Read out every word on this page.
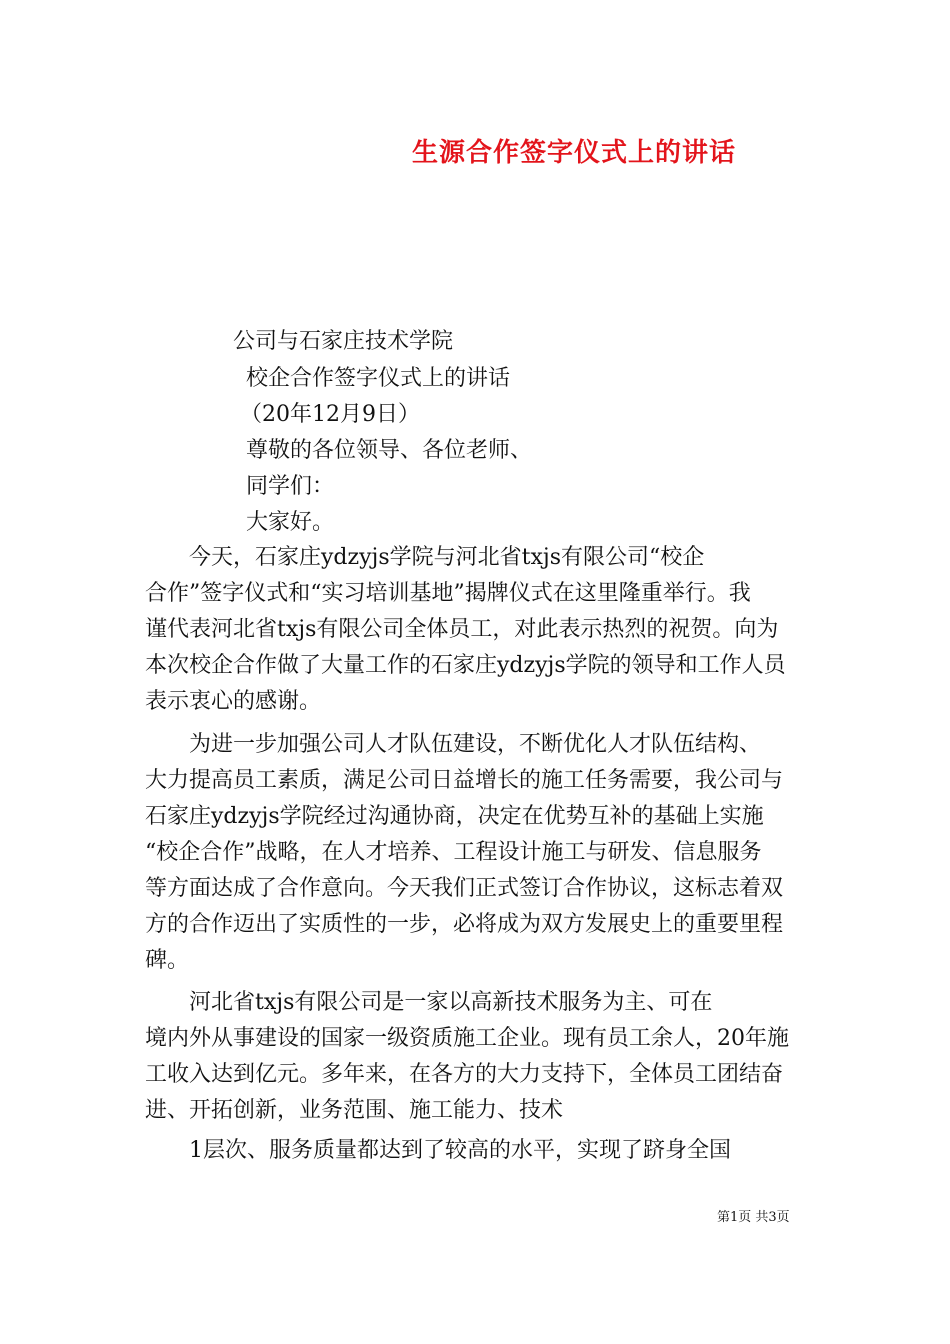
生源合作签字仪式上的讲话
公司与石家庄技术学院
校企合作签字仪式上的讲话
（20年12月9日）
尊敬的各位领导、各位老师、
同学们：
大家好。
　　今天，石家庄ydzyjs学院与河北省txjs有限公司“校企
合作”签字仪式和“实习培训基地”揭牌仪式在这里隆重举行。我
谨代表河北省txjs有限公司全体员工，对此表示热烈的祝贺。向为
本次校企合作做了大量工作的石家庄ydzyjs学院的领导和工作人员
表示衷心的感谢。
　　为进一步加强公司人才队伍建设，不断优化人才队伍结构、
大力提高员工素质，满足公司日益增长的施工任务需要，我公司与
石家庄ydzyjs学院经过沟通协商，决定在优势互补的基础上实施
“校企合作”战略，在人才培养、工程设计施工与研发、信息服务
等方面达成了合作意向。今天我们正式签订合作协议，这标志着双
方的合作迈出了实质性的一步，必将成为双方发展史上的重要里程
碑。
　　河北省txjs有限公司是一家以高新技术服务为主、可在
境内外从事建设的国家一级资质施工企业。现有员工余人，20年施
工收入达到亿元。多年来，在各方的大力支持下，全体员工团结奋
进、开拓创新，业务范围、施工能力、技术
　　1层次、服务质量都达到了较高的水平，实现了跻身全国
第1页 共3页
